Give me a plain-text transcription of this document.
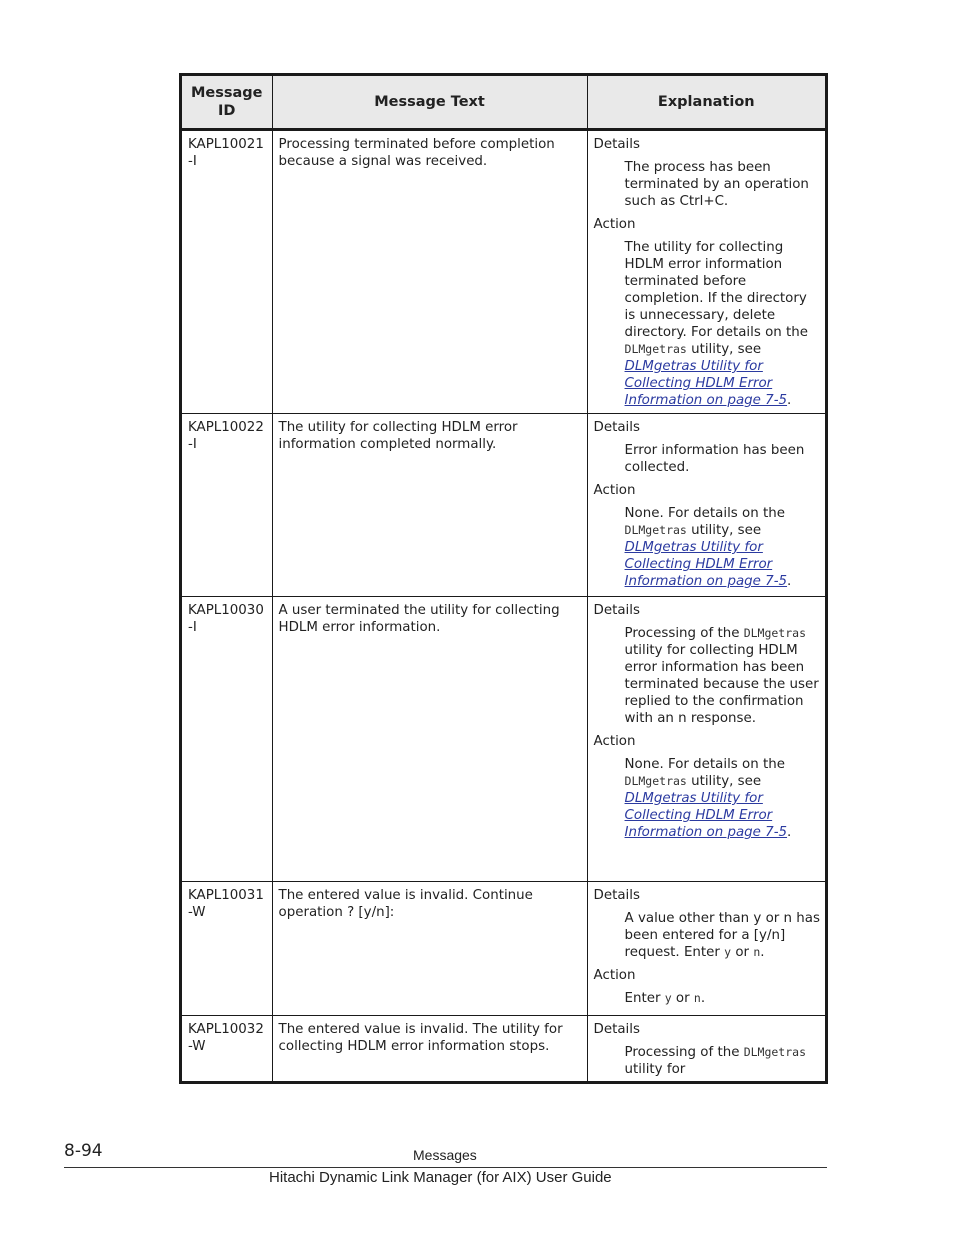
Message ID	Message Text	Explanation
KAPL10021-I	Processing terminated before completion because a signal was received.	Details

The process has been terminated by an operation such as Ctrl+C.

Action

The utility for collecting HDLM error information terminated before completion. If the directory is unnecessary, delete directory. For details on the DLMgetras utility, see DLMgetras Utility for Collecting HDLM Error Information on page 7-5.

KAPL10022-I	The utility for collecting HDLM error information completed normally.	Details

Error information has been collected.

Action

None. For details on the DLMgetras utility, see DLMgetras Utility for Collecting HDLM Error Information on page 7-5.

KAPL10030-I	A user terminated the utility for collecting HDLM error information.	Details

Processing of the DLMgetras utility for collecting HDLM error information has been terminated because the user replied to the confirmation with an n response.

Action

None. For details on the DLMgetras utility, see DLMgetras Utility for Collecting HDLM Error Information on page 7-5.

KAPL10031-W	The entered value is invalid. Continue operation ? [y/n]:	Details

A value other than y or n has been entered for a [y/n] request. Enter y or n.

Action

Enter y or n.

KAPL10032-W	The entered value is invalid. The utility for collecting HDLM error information stops.	Details

Processing of the DLMgetras utility for

8-94	Messages
Hitachi Dynamic Link Manager (for AIX) User Guide
